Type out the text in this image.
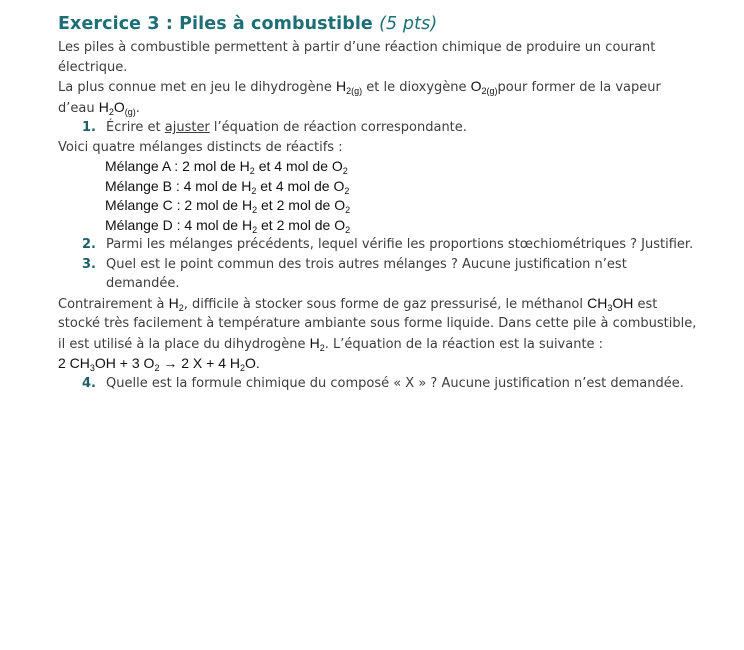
Exercice 3 : Piles à combustible (5 pts)

Les piles à combustible permettent à partir d’une réaction chimique de produire un courant électrique.

La plus connue met en jeu le dihydrogène $H_{2(g)}$ et le dioxygène $O_{2(g)}pour$ former de la vapeur d’eau $H_2O_{(g)}$.

1. Écrire et ajuster l’équation de réaction correspondante.

Voici quatre mélanges distincts de réactifs :

Mélange A : 2 mol de $H_2$ et 4 mol de $O_2$
Mélange B : 4 mol de $H_2$ et 4 mol de $O_2$
Mélange C : 2 mol de $H_2$ et 2 mol de $O_2$
Mélange D : 4 mol de $H_2$ et 2 mol de $O_2$
2. Parmi les mélanges précédents, lequel vérifie les proportions stœchiométriques ? Justifier.
3. Quel est le point commun des trois autres mélanges ? Aucune justification n’est demandée.

Contrairement à $H_2$, difficile à stocker sous forme de gaz pressurisé, le méthanol $CH_3OH$ est stocké très facilement à température ambiante sous forme liquide. Dans cette pile à combustible, il est utilisé à la place du dihydrogène $H_2$. L’équation de la réaction est la suivante :

2 $CH_3OH + 3$ $O_2 \to 2$ X + 4 $H_2O$.
4. Quelle est la formule chimique du composé « X » ? Aucune justification n’est demandée.
